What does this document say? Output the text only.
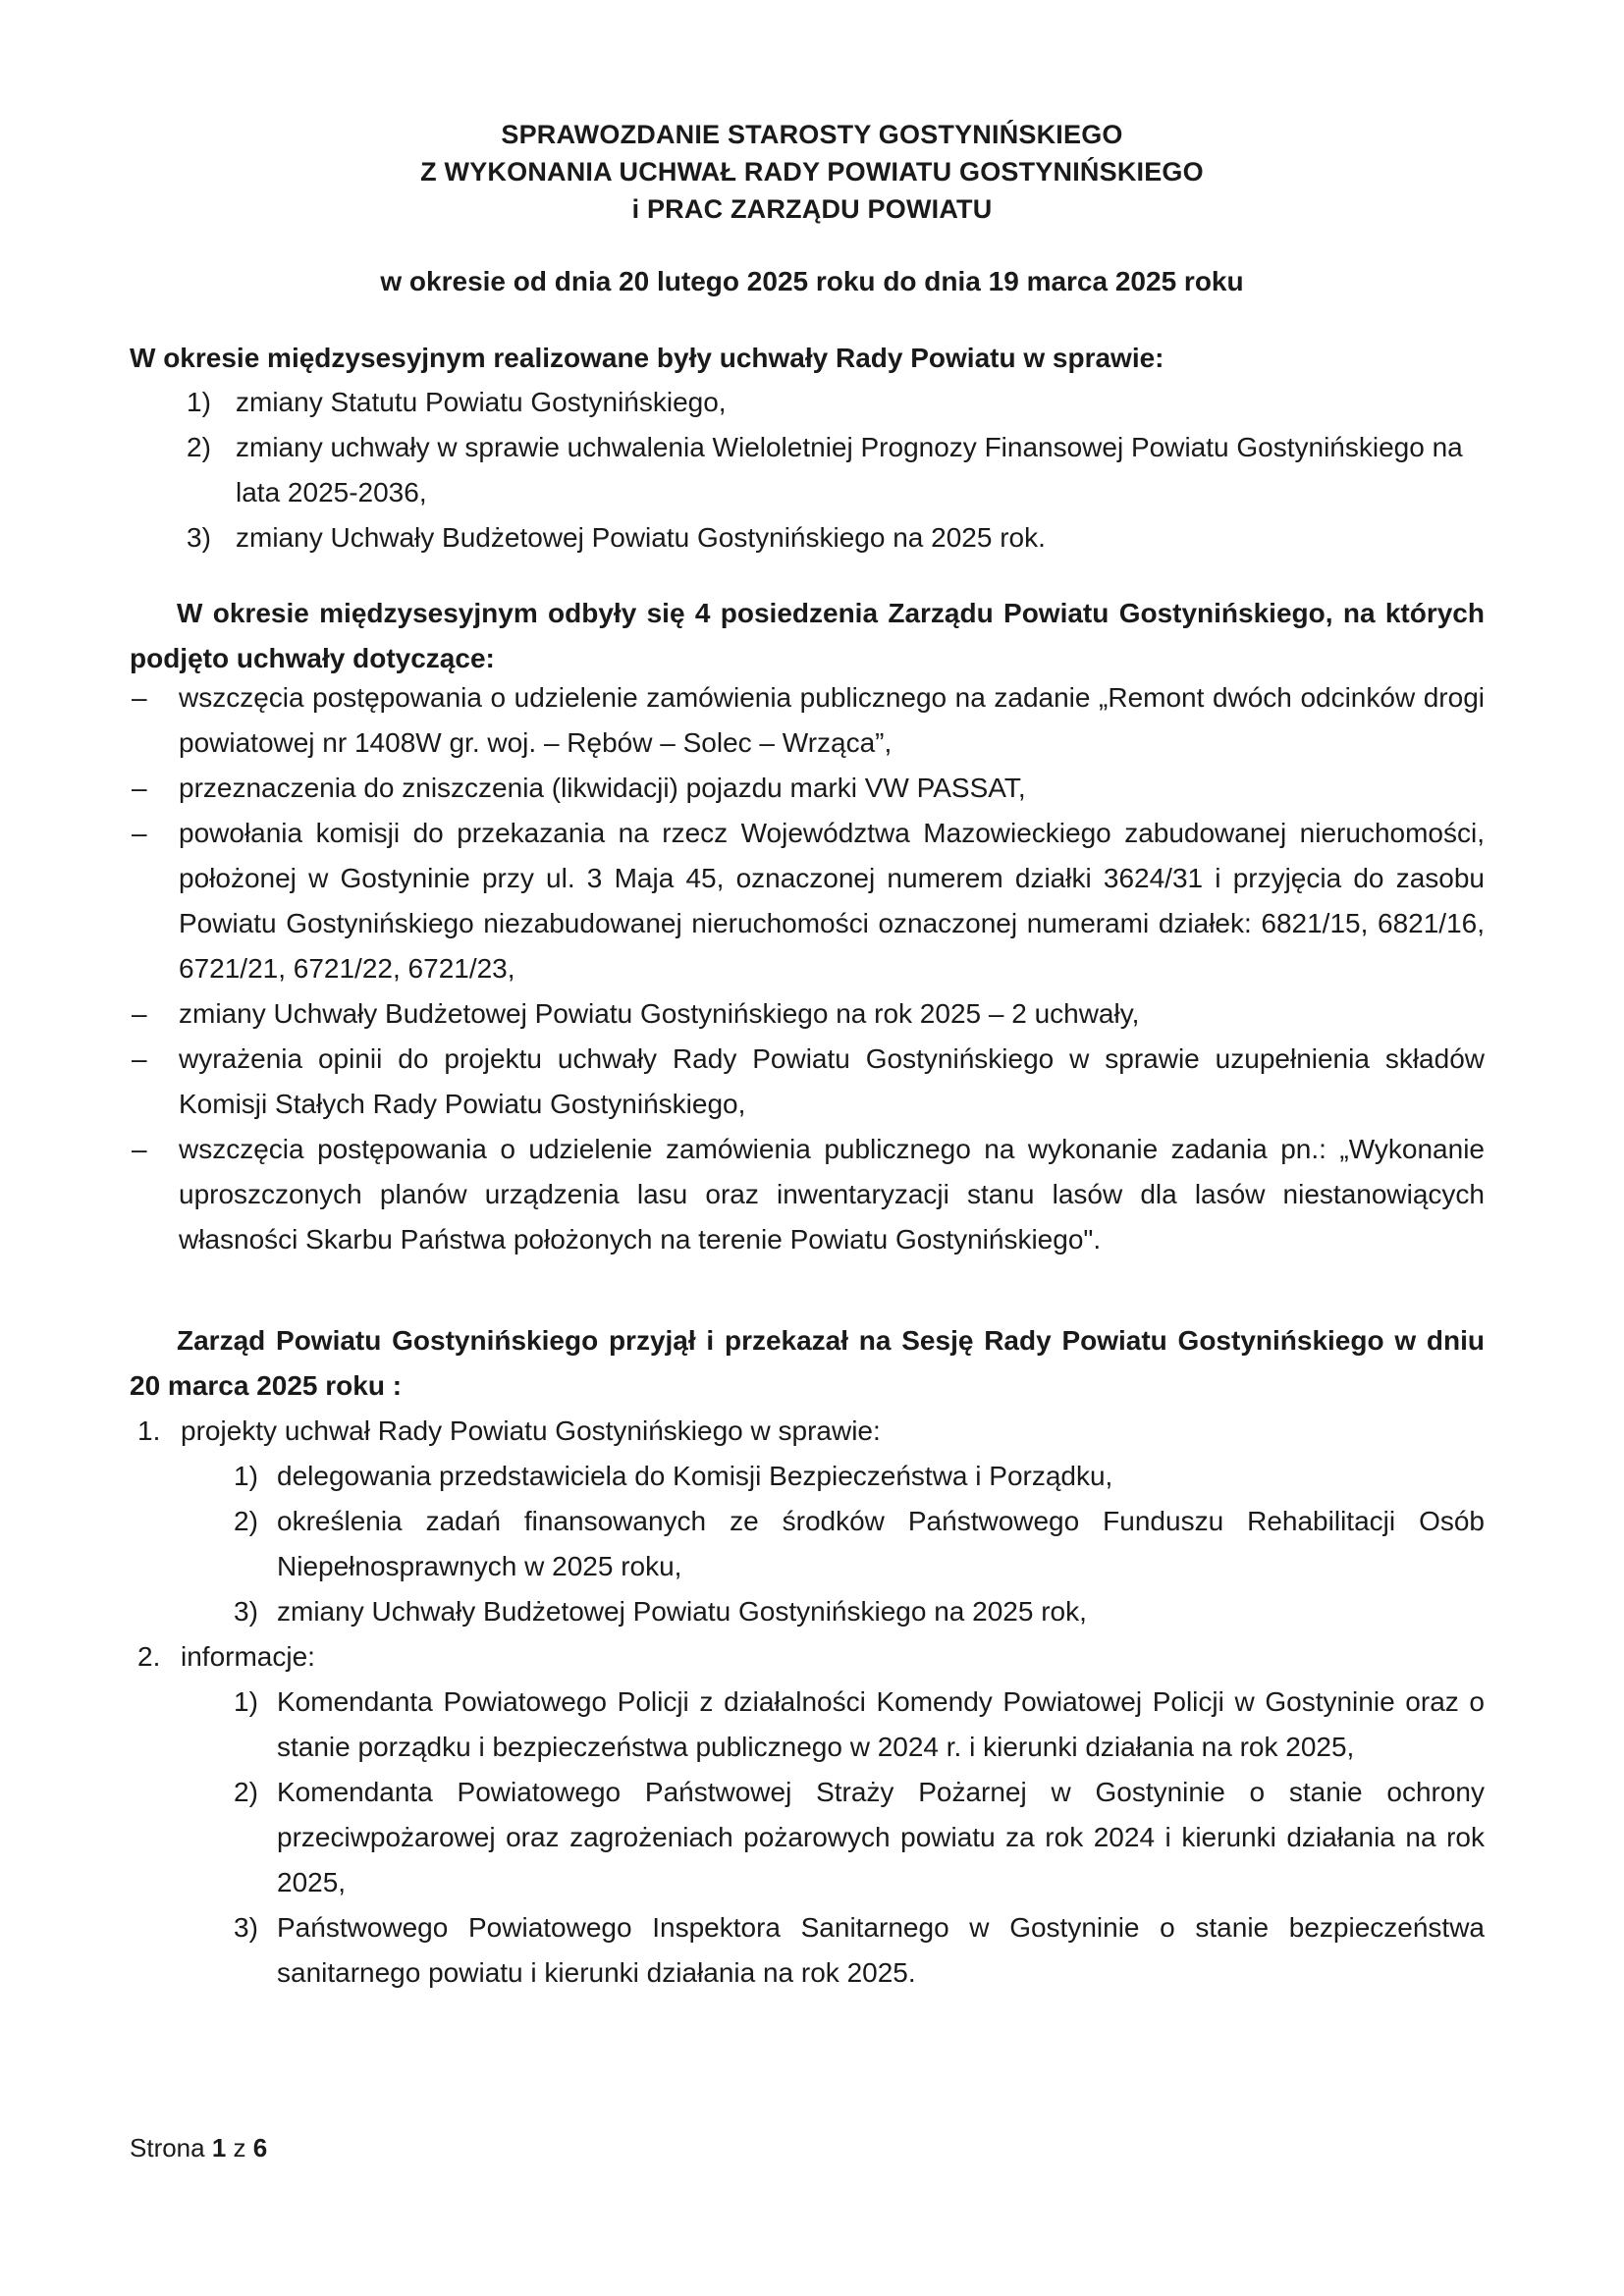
SPRAWOZDANIE STAROSTY GOSTYNIŃSKIEGO
Z WYKONANIA UCHWAŁ RADY POWIATU GOSTYNIŃSKIEGO
i PRAC ZARZĄDU POWIATU
w okresie od dnia 20 lutego 2025 roku do dnia 19 marca 2025 roku
W okresie międzysesyjnym realizowane były uchwały Rady Powiatu w sprawie:
1) zmiany Statutu Powiatu Gostynińskiego,
2) zmiany uchwały w sprawie uchwalenia Wieloletniej Prognozy Finansowej Powiatu Gostynińskiego na lata 2025-2036,
3) zmiany Uchwały Budżetowej Powiatu Gostynińskiego na 2025 rok.
W okresie międzysesyjnym odbyły się 4 posiedzenia Zarządu Powiatu Gostynińskiego, na których podjęto uchwały dotyczące:
– wszczęcia postępowania o udzielenie zamówienia publicznego na zadanie „Remont dwóch odcinków drogi powiatowej nr 1408W gr. woj. – Rębów – Solec – Wrząca”,
– przeznaczenia do zniszczenia (likwidacji) pojazdu marki VW PASSAT,
– powołania komisji do przekazania na rzecz Województwa Mazowieckiego zabudowanej nieruchomości, położonej w Gostyninie przy ul. 3 Maja 45, oznaczonej numerem działki 3624/31 i przyjęcia do zasobu Powiatu Gostynińskiego niezabudowanej nieruchomości oznaczonej numerami działek: 6821/15, 6821/16, 6721/21, 6721/22, 6721/23,
– zmiany Uchwały Budżetowej Powiatu Gostynińskiego na rok 2025 – 2 uchwały,
– wyrażenia opinii do projektu uchwały Rady Powiatu Gostynińskiego w sprawie uzupełnienia składów Komisji Stałych Rady Powiatu Gostynińskiego,
– wszczęcia postępowania o udzielenie zamówienia publicznego na wykonanie zadania pn.: „Wykonanie uproszczonych planów urządzenia lasu oraz inwentaryzacji stanu lasów dla lasów niestanowiących własności Skarbu Państwa położonych na terenie Powiatu Gostynińskiego".
Zarząd Powiatu Gostynińskiego przyjął i przekazał na Sesję Rady Powiatu Gostynińskiego w dniu 20 marca 2025 roku :
1. projekty uchwał Rady Powiatu Gostynińskiego w sprawie:
1) delegowania przedstawiciela do Komisji Bezpieczeństwa i Porządku,
2) określenia zadań finansowanych ze środków Państwowego Funduszu Rehabilitacji Osób Niepełnosprawnych w 2025 roku,
3) zmiany Uchwały Budżetowej Powiatu Gostynińskiego na 2025 rok,
2. informacje:
1) Komendanta Powiatowego Policji z działalności Komendy Powiatowej Policji w Gostyninie oraz o stanie porządku i bezpieczeństwa publicznego w 2024 r. i kierunki działania na rok 2025,
2) Komendanta Powiatowego Państwowej Straży Pożarnej w Gostyninie o stanie ochrony przeciwpożarowej oraz zagrożeniach pożarowych powiatu za rok 2024 i kierunki działania na rok 2025,
3) Państwowego Powiatowego Inspektora Sanitarnego w Gostyninie o stanie bezpieczeństwa sanitarnego powiatu i kierunki działania na rok 2025.
Strona 1 z 6
